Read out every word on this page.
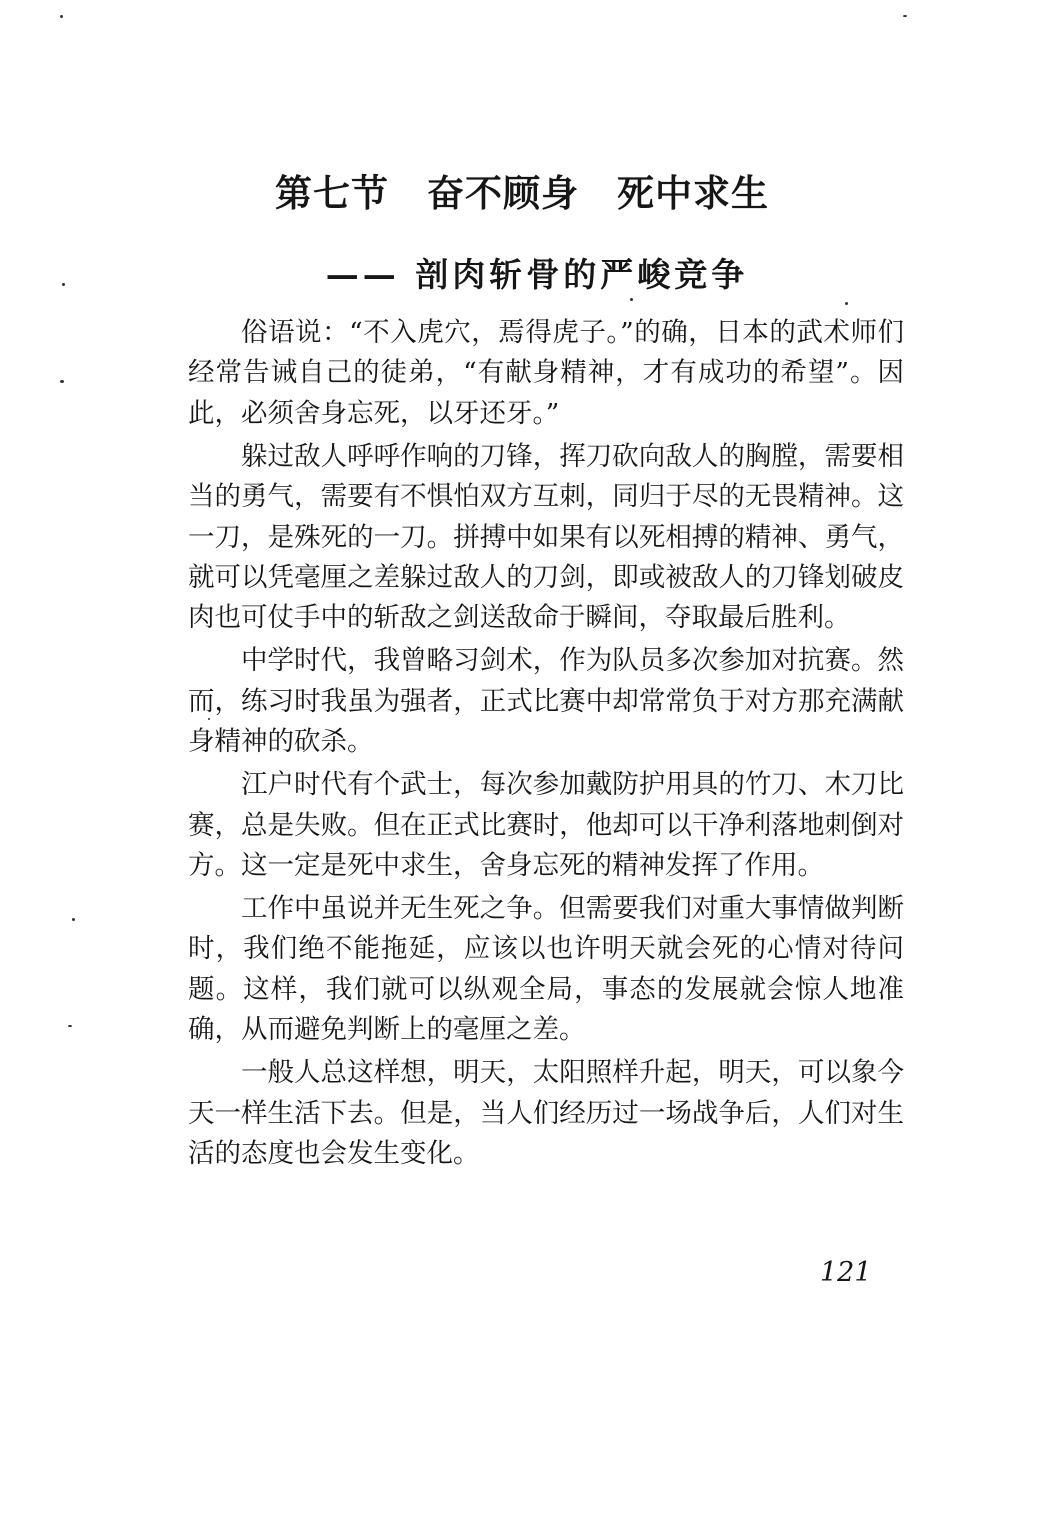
第七节　奋不顾身　死中求生
—— 剖肉斩骨的严峻竞争

俗语说：“不入虎穴，焉得虎子。”的确，日本的武术师们经常告诫自己的徒弟，“有献身精神，才有成功的希望”。因此，必须舍身忘死，以牙还牙。”

躲过敌人呼呼作响的刀锋，挥刀砍向敌人的胸膛，需要相当的勇气，需要有不惧怕双方互刺，同归于尽的无畏精神。这一刀，是殊死的一刀。拼搏中如果有以死相搏的精神、勇气，就可以凭毫厘之差躲过敌人的刀剑，即或被敌人的刀锋划破皮肉也可仗手中的斩敌之剑送敌命于瞬间，夺取最后胜利。

中学时代，我曾略习剑术，作为队员多次参加对抗赛。然而，练习时我虽为强者，正式比赛中却常常负于对方那充满献身精神的砍杀。

江户时代有个武士，每次参加戴防护用具的竹刀、木刀比赛，总是失败。但在正式比赛时，他却可以干净利落地刺倒对方。这一定是死中求生，舍身忘死的精神发挥了作用。

工作中虽说并无生死之争。但需要我们对重大事情做判断时，我们绝不能拖延，应该以也许明天就会死的心情对待问题。这样，我们就可以纵观全局，事态的发展就会惊人地准确，从而避免判断上的毫厘之差。

一般人总这样想，明天，太阳照样升起，明天，可以象今天一样生活下去。但是，当人们经历过一场战争后，人们对生活的态度也会发生变化。

121
